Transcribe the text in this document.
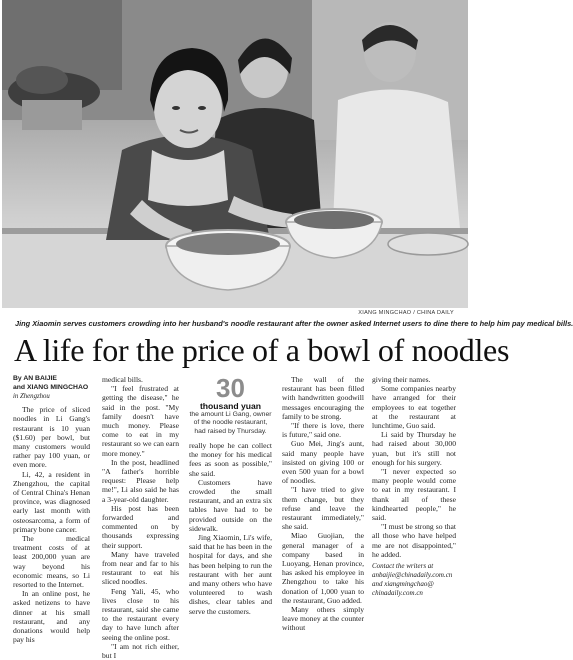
XIANG MINGCHAO / CHINA DAILY
Jing Xiaomin serves customers crowding into her husband's noodle restaurant after the owner asked Internet users to dine there to help him pay medical bills.
A life for the price of a bowl of noodles
By AN BAIJIE
and XIANG MINGCHAO
in Zhengzhou

The price of sliced noodles in Li Gang's restaurant is 10 yuan ($1.60) per bowl, but many customers would rather pay 100 yuan, or even more.

Li, 42, a resident in Zhengzhou, the capital of Central China's Henan province, was diagnosed early last month with osteosarcoma, a form of primary bone cancer.

The medical treatment costs of at least 200,000 yuan are way beyond his economic means, so Li resorted to the Internet.

In an online post, he asked netizens to have dinner at his small restaurant, and any donations would help pay his

medical bills.

"I feel frustrated at getting the disease," he said in the post. "My family doesn't have much money. Please come to eat in my restaurant so we can earn more money."

In the post, headlined "A father's horrible request: Please help me!", Li also said he has a 3-year-old daughter.

His post has been forwarded and commented on by thousands expressing their support.

Many have traveled from near and far to his restaurant to eat his sliced noodles.

Feng Yali, 45, who lives close to his restaurant, said she came to the restaurant every day to have lunch after seeing the online post.

"I am not rich either, but I

30
thousand yuan
the amount Li Gang, owner of the noodle restaurant, had raised by Thursday.

really hope he can collect the money for his medical fees as soon as possible," she said.

Customers have crowded the small restaurant, and an extra six tables have had to be provided outside on the sidewalk.

Jing Xiaomin, Li's wife, said that he has been in the hospital for days, and she has been helping to run the restaurant with her aunt and many others who have volunteered to wash dishes, clear tables and serve the customers.

The wall of the restaurant has been filled with handwritten goodwill messages encouraging the family to be strong.

"If there is love, there is future," said one.

Guo Mei, Jing's aunt, said many people have insisted on giving 100 or even 500 yuan for a bowl of noodles.

"I have tried to give them change, but they refuse and leave the restaurant immediately," she said.

Miao Guojian, the general manager of a company based in Luoyang, Henan province, has asked his employee in Zhengzhou to take his donation of 1,000 yuan to the restaurant, Guo added.

Many others simply leave money at the counter without

giving their names.

Some companies nearby have arranged for their employees to eat together at the restaurant at lunchtime, Guo said.

Li said by Thursday he had raised about 30,000 yuan, but it's still not enough for his surgery.

"I never expected so many people would come to eat in my restaurant. I thank all of these kindhearted people," he said.

"I must be strong so that all those who have helped me are not disappointed," he added.

Contact the writers at
anbaijie@chinadaily.com.cn
and xiangmingchao@
chinadaily.com.cn
